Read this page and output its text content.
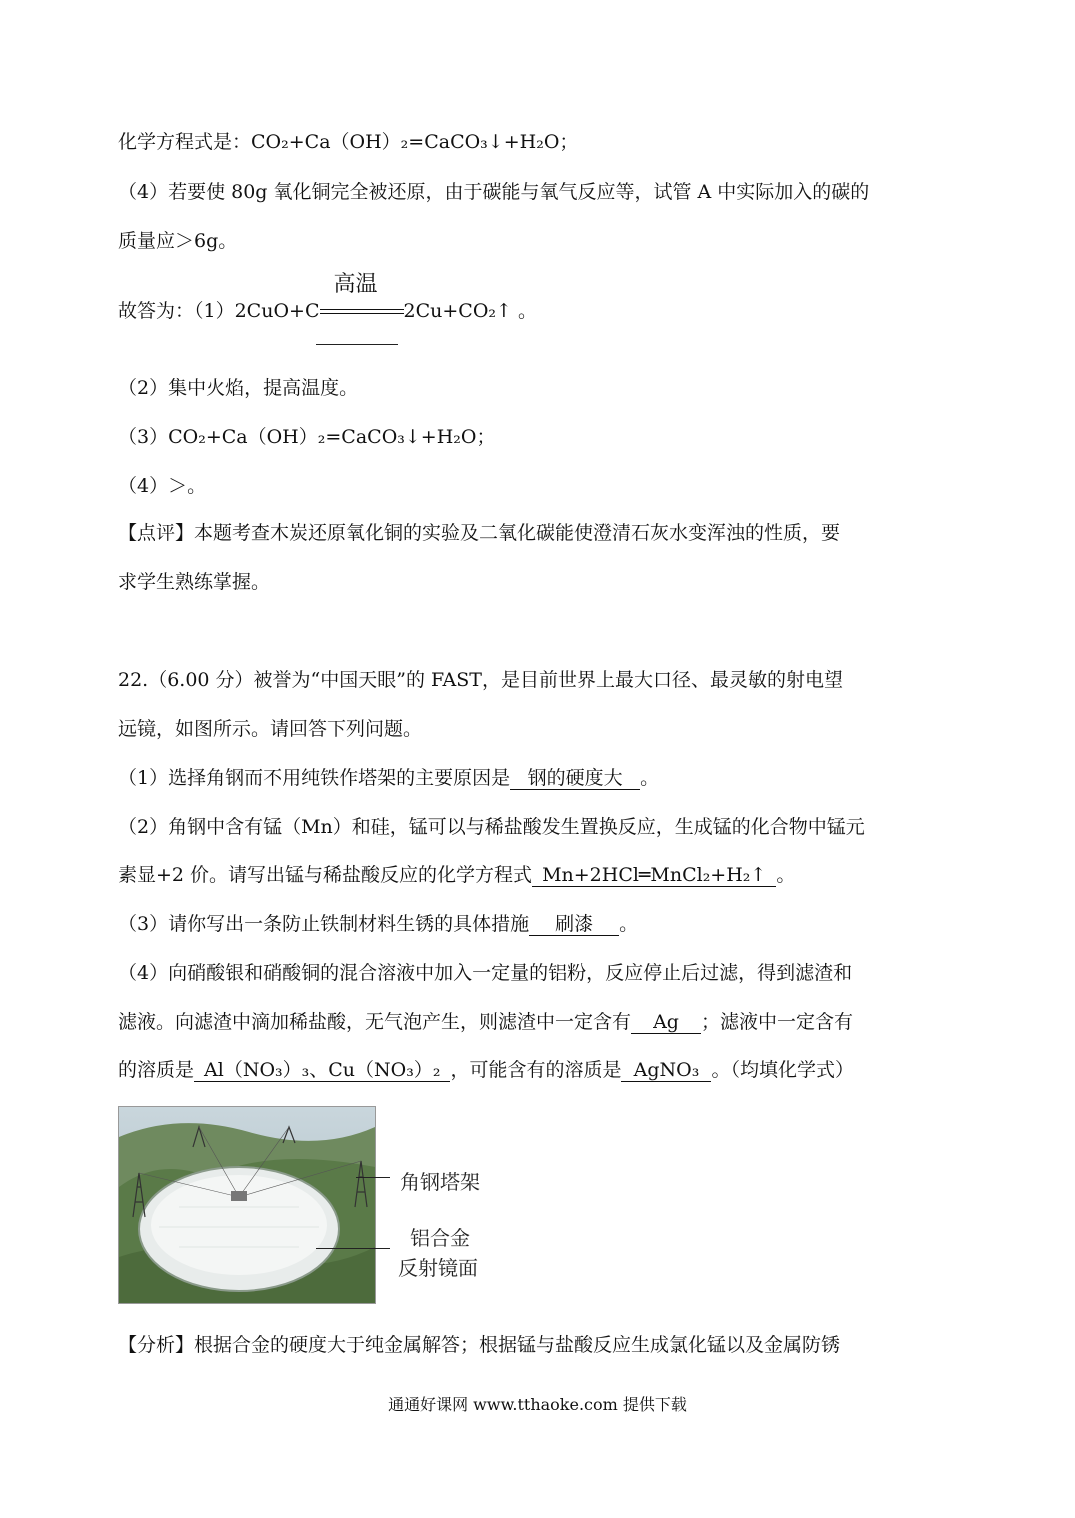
化学方程式是：CO₂+Ca（OH）₂=CaCO₃↓+H₂O；
（4）若要使 80g 氧化铜完全被还原，由于碳能与氧气反应等，试管 A 中实际加入的碳的
质量应＞6g。
故答为：（1）2CuO+C
高温
2Cu+CO₂↑ 。
（2）集中火焰，提高温度。
（3）CO₂+Ca（OH）₂=CaCO₃↓+H₂O；
（4）＞。
【点评】本题考查木炭还原氧化铜的实验及二氧化碳能使澄清石灰水变浑浊的性质，要
求学生熟练掌握。
22.（6.00 分）被誉为“中国天眼”的 FAST，是目前世界上最大口径、最灵敏的射电望
远镜，如图所示。请回答下列问题。
（1）选择角钢而不用纯铁作塔架的主要原因是 钢的硬度大 。
（2）角钢中含有锰（Mn）和硅，锰可以与稀盐酸发生置换反应，生成锰的化合物中锰元
素显+2 价。请写出锰与稀盐酸反应的化学方程式 Mn+2HCl═MnCl₂+H₂↑ 。
（3）请你写出一条防止铁制材料生锈的具体措施 刷漆 。
（4）向硝酸银和硝酸铜的混合溶液中加入一定量的铝粉，反应停止后过滤，得到滤渣和
滤液。向滤渣中滴加稀盐酸，无气泡产生，则滤渣中一定含有 Ag ；滤液中一定含有
的溶质是 Al（NO₃）₃、Cu（NO₃）₂ ，可能含有的溶质是 AgNO₃ 。（均填化学式）
角钢塔架
铝合金
反射镜面
【分析】根据合金的硬度大于纯金属解答；根据锰与盐酸反应生成氯化锰以及金属防锈
通通好课网 www.tthaoke.com 提供下载
